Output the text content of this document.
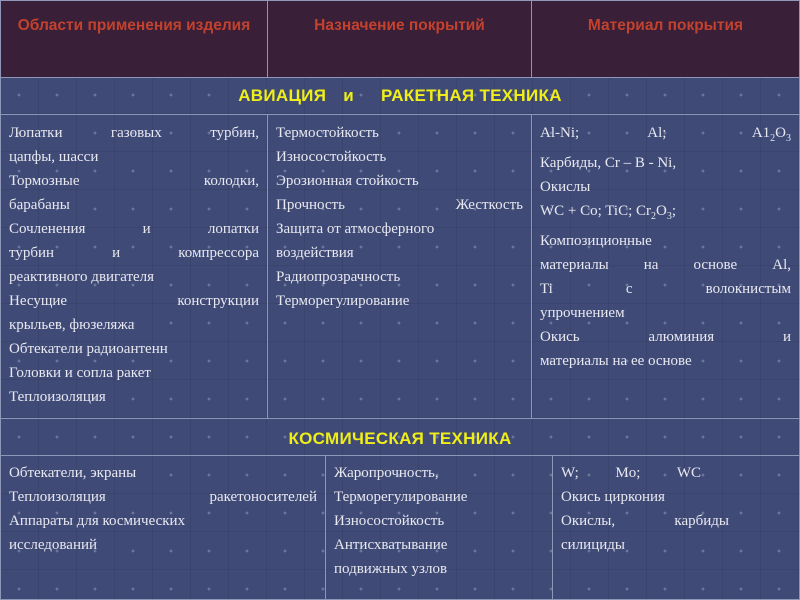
Области применения изделия	Назначение покрытий	Материал покрытия
АВИАЦИЯ и РАКЕТНАЯ ТЕХНИКА
Лопатки газовых турбин,
цапфы, шасси
Тормозные колодки,
барабаны
Сочленения и лопатки
турбин и компрессора
реактивного двигателя
Несущие конструкции
крыльев, фюзеляжа
Обтекатели радиоантенн
Головки и сопла ракет
Теплоизоляция
Термостойкость
Износостойкость
Эрозионная стойкость
Прочность Жесткость
Защита от атмосферного
воздействия
Радиопрозрачность
Терморегулирование
Al-Ni;    Al;     $A1_2O_3$
Карбиды, Cr – B - Ni,
Окислы
WC + Co; TiC; $Cr_2O_3$;
Композиционные
материалы на основе Al,
Ti с волокнистым
упрочнением
Окись алюминия и
материалы на ее основе
КОСМИЧЕСКАЯ ТЕХНИКА
Обтекатели, экраны
Теплоизоляция ракетоносителей
Аппараты для космических
исследований
Жаропрочность,
Терморегулирование
Износостойкость
Антисхватывание
подвижных узлов
W; Mo; WC
Окись циркония
Окислы, карбиды
силициды
